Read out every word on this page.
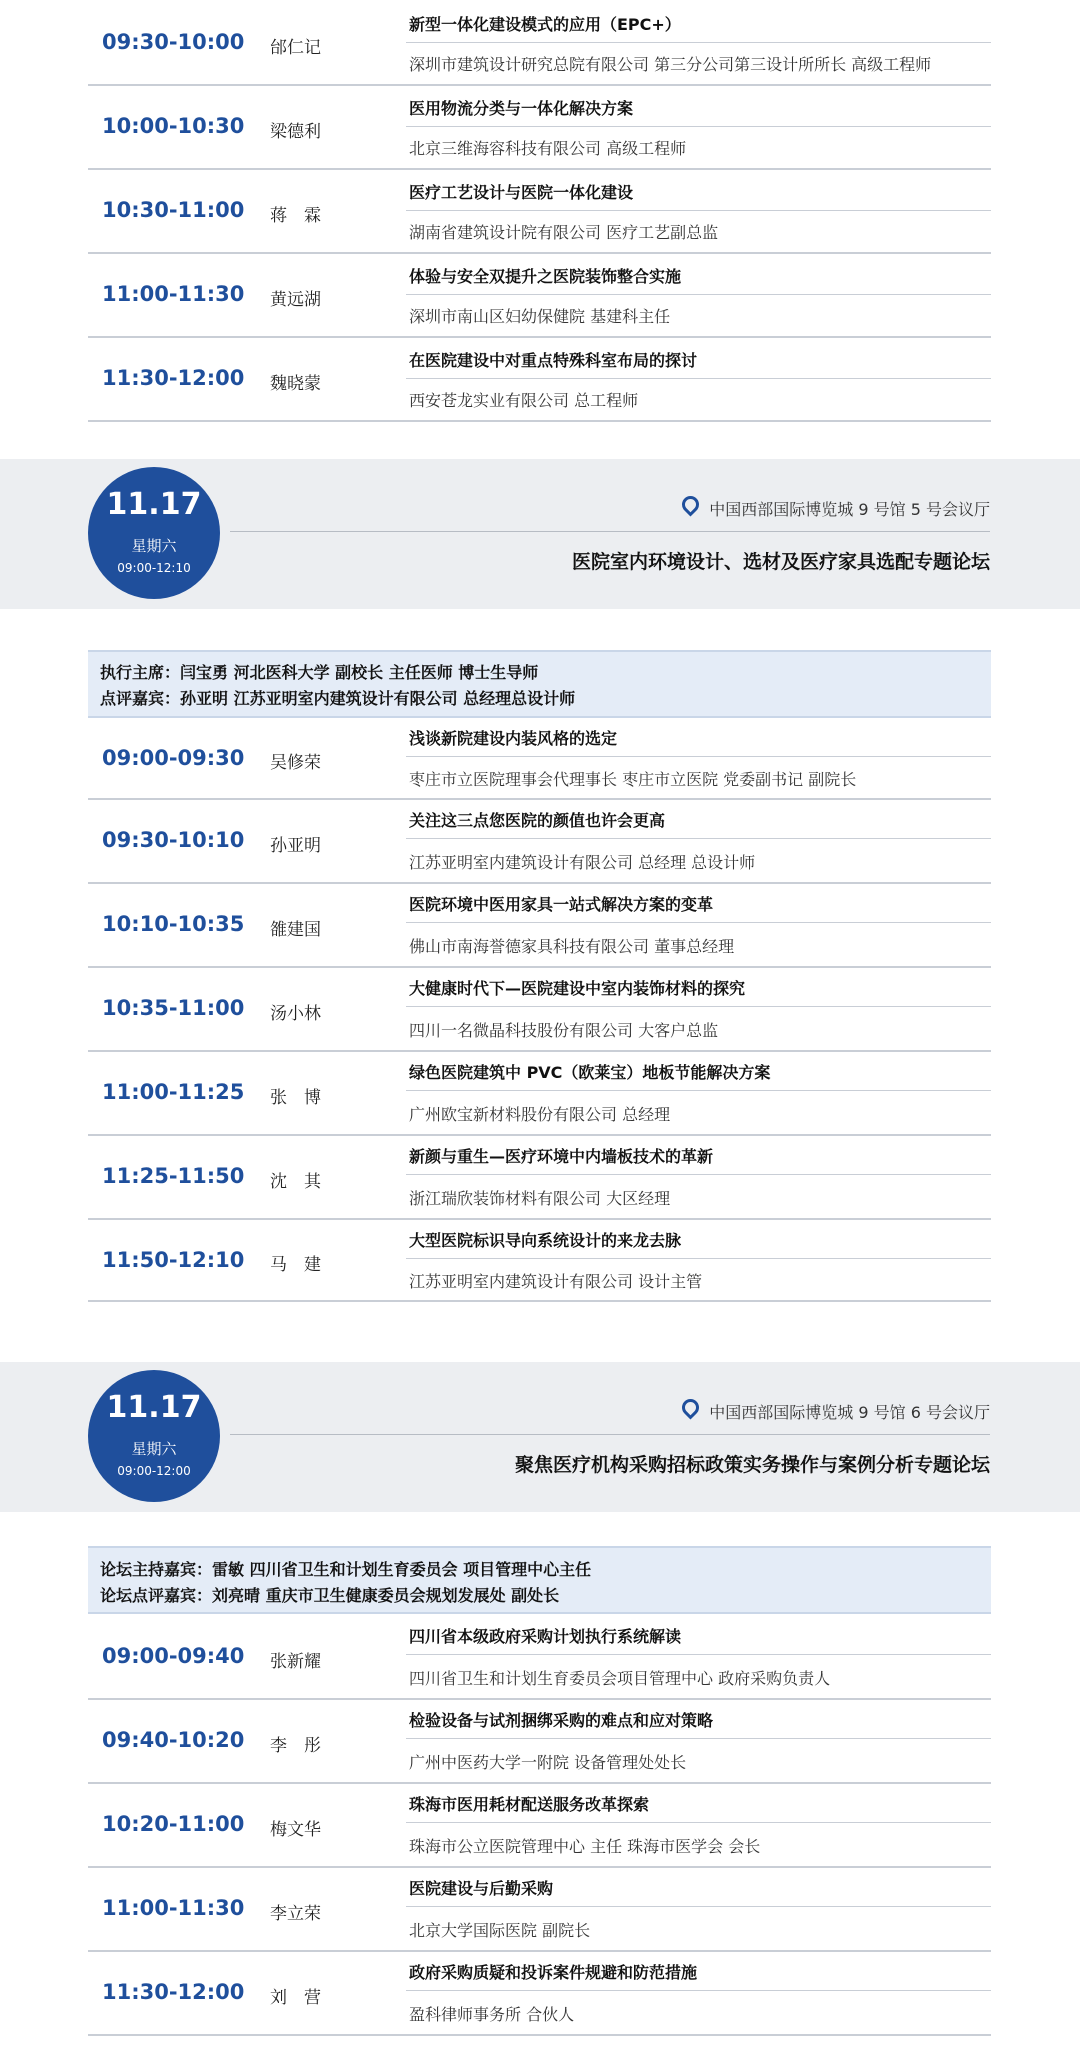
09:30-10:00 邰仁记
新型一体化建设模式的应用（EPC+）
深圳市建筑设计研究总院有限公司 第三分公司第三设计所所长 高级工程师
10:00-10:30 梁德利
医用物流分类与一体化解决方案
北京三维海容科技有限公司 高级工程师
10:30-11:00 蒋　霖
医疗工艺设计与医院一体化建设
湖南省建筑设计院有限公司 医疗工艺副总监
11:00-11:30 黄远湖
体验与安全双提升之医院装饰整合实施
深圳市南山区妇幼保健院 基建科主任
11:30-12:00 魏晓蒙
在医院建设中对重点特殊科室布局的探讨
西安苍龙实业有限公司 总工程师
11.17
星期六
09:00-12:10
中国西部国际博览城 9 号馆 5 号会议厅
医院室内环境设计、选材及医疗家具选配专题论坛
执行主席：闫宝勇 河北医科大学 副校长 主任医师 博士生导师
点评嘉宾：孙亚明 江苏亚明室内建筑设计有限公司 总经理总设计师
09:00-09:30 吴修荣
浅谈新院建设内装风格的选定
枣庄市立医院理事会代理事长 枣庄市立医院 党委副书记 副院长
09:30-10:10 孙亚明
关注这三点您医院的颜值也许会更高
江苏亚明室内建筑设计有限公司 总经理 总设计师
10:10-10:35 雒建国
医院环境中医用家具一站式解决方案的变革
佛山市南海誉德家具科技有限公司 董事总经理
10:35-11:00 汤小林
大健康时代下—医院建设中室内装饰材料的探究
四川一名微晶科技股份有限公司 大客户总监
11:00-11:25 张　博
绿色医院建筑中 PVC（欧莱宝）地板节能解决方案
广州欧宝新材料股份有限公司 总经理
11:25-11:50 沈　其
新颜与重生—医疗环境中内墙板技术的革新
浙江瑞欣装饰材料有限公司 大区经理
11:50-12:10 马　建
大型医院标识导向系统设计的来龙去脉
江苏亚明室内建筑设计有限公司 设计主管
11.17
星期六
09:00-12:00
中国西部国际博览城 9 号馆 6 号会议厅
聚焦医疗机构采购招标政策实务操作与案例分析专题论坛
论坛主持嘉宾：雷敏 四川省卫生和计划生育委员会 项目管理中心主任
论坛点评嘉宾：刘亮晴 重庆市卫生健康委员会规划发展处 副处长
09:00-09:40 张新耀
四川省本级政府采购计划执行系统解读
四川省卫生和计划生育委员会项目管理中心 政府采购负责人
09:40-10:20 李　彤
检验设备与试剂捆绑采购的难点和应对策略
广州中医药大学一附院 设备管理处处长
10:20-11:00 梅文华
珠海市医用耗材配送服务改革探索
珠海市公立医院管理中心 主任 珠海市医学会 会长
11:00-11:30 李立荣
医院建设与后勤采购
北京大学国际医院 副院长
11:30-12:00 刘　营
政府采购质疑和投诉案件规避和防范措施
盈科律师事务所 合伙人
